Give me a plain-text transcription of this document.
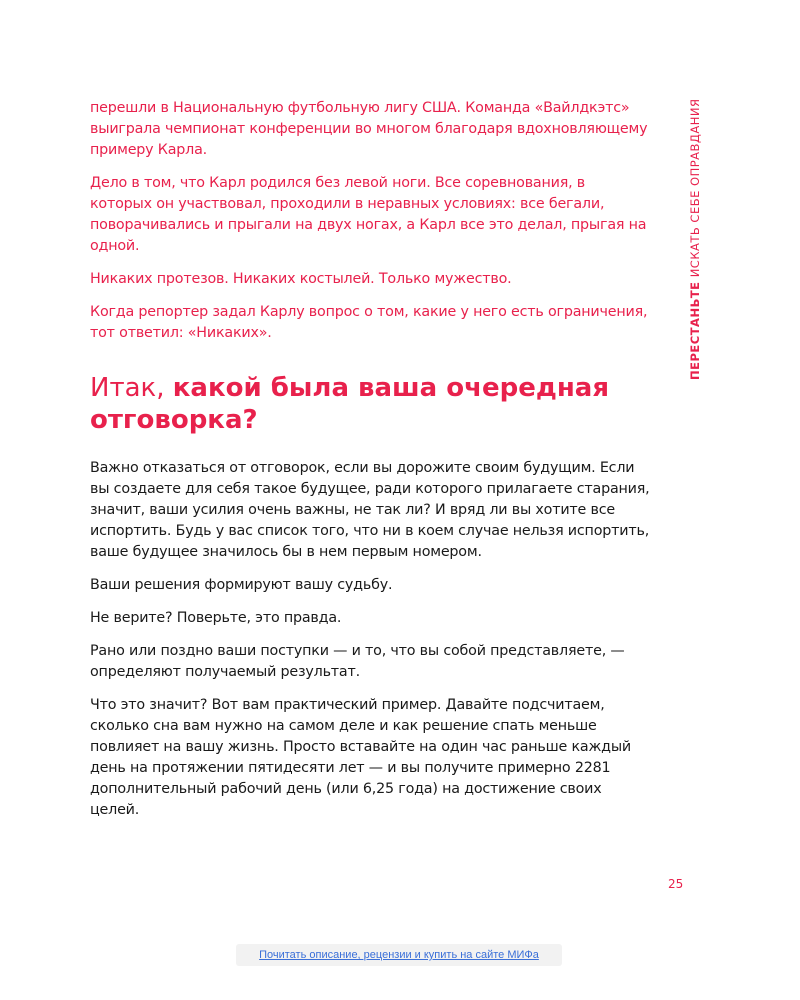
перешли в Национальную футбольную лигу США. Команда «Вайлдкэтс» выиграла чемпионат конференции во многом благодаря вдохновляющему примеру Карла.

Дело в том, что Карл родился без левой ноги. Все соревнования, в которых он участвовал, проходили в неравных условиях: все бегали, поворачивались и прыгали на двух ногах, а Карл все это делал, прыгая на одной.

Никаких протезов. Никаких костылей. Только мужество.

Когда репортер задал Карлу вопрос о том, какие у него есть ограничения, тот ответил: «Никаких».

Итак, какой была ваша очередная отговорка?

Важно отказаться от отговорок, если вы дорожите своим будущим. Если вы создаете для себя такое будущее, ради которого прилагаете старания, значит, ваши усилия очень важны, не так ли? И вряд ли вы хотите все испортить. Будь у вас список того, что ни в коем случае нельзя испортить, ваше будущее значилось бы в нем первым номером.

Ваши решения формируют вашу судьбу.

Не верите? Поверьте, это правда.

Рано или поздно ваши поступки — и то, что вы собой представляете, — определяют получаемый результат.

Что это значит? Вот вам практический пример. Давайте подсчитаем, сколько сна вам нужно на самом деле и как решение спать меньше повлияет на вашу жизнь. Просто вставайте на один час раньше каждый день на протяжении пятидесяти лет — и вы получите примерно 2281 дополнительный рабочий день (или 6,25 года) на достижение своих целей.

ПЕРЕСТАНЬТЕ ИСКАТЬ СЕБЕ ОПРАВДАНИЯ
25
Почитать описание, рецензии и купить на сайте МИФа
